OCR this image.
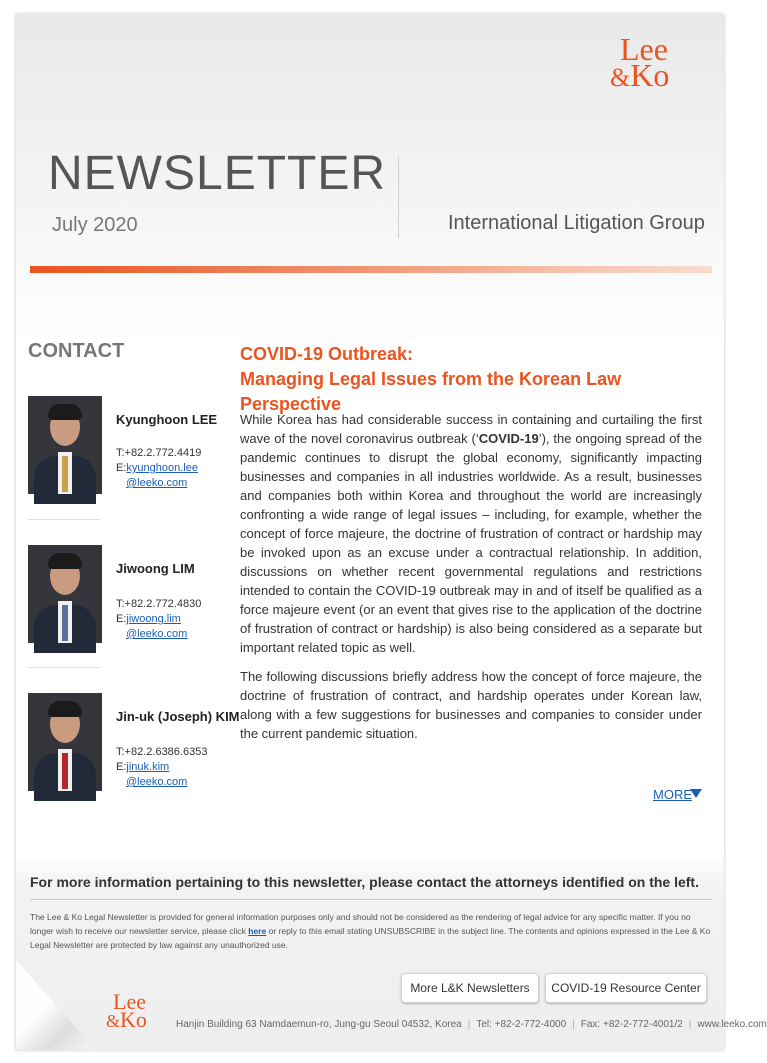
Lee
&Ko
NEWSLETTER
July 2020	International Litigation Group
CONTACT
Kyunghoon LEE
T:+82.2.772.4419
E:kyunghoon.lee
@leeko.com
Jiwoong LIM
T:+82.2.772.4830
E:jiwoong.lim
@leeko.com
Jin-uk (Joseph) KIM
T:+82.2.6386.6353
E:jinuk.kim
@leeko.com
COVID-19 Outbreak:
Managing Legal Issues from the Korean Law Perspective

While Korea has had considerable success in containing and curtailing the first wave of the novel coronavirus outbreak (‘COVID-19’), the ongoing spread of the pandemic continues to disrupt the global economy, significantly impacting businesses and companies in all industries worldwide. As a result, businesses and companies both within Korea and throughout the world are increasingly confronting a wide range of legal issues – including, for example, whether the concept of force majeure, the doctrine of frustration of contract or hardship may be invoked upon as an excuse under a contractual relationship. In addition, discussions on whether recent governmental regulations and restrictions intended to contain the COVID-19 outbreak may in and of itself be qualified as a force majeure event (or an event that gives rise to the application of the doctrine of frustration of contract or hardship) is also being considered as a separate but important related topic as well.

The following discussions briefly address how the concept of force majeure, the doctrine of frustration of contract, and hardship operates under Korean law, along with a few suggestions for businesses and companies to consider under the current pandemic situation.

MORE
For more information pertaining to this newsletter, please contact the attorneys identified on the left.
The Lee & Ko Legal Newsletter is provided for general information purposes only and should not be considered as the rendering of legal advice for any specific matter. If you no longer wish to receive our newsletter service, please click here or reply to this email stating UNSUBSCRIBE in the subject line. The contents and opinions expressed in the Lee & Ko Legal Newsletter are protected by law against any unauthorized use.
More L&K Newsletters	COVID-19 Resource Center
Lee
&Ko	Hanjin Building 63 Namdaemun-ro, Jung-gu Seoul 04532, Korea | Tel: +82-2-772-4000 | Fax: +82-2-772-4001/2 | www.leeko.com
